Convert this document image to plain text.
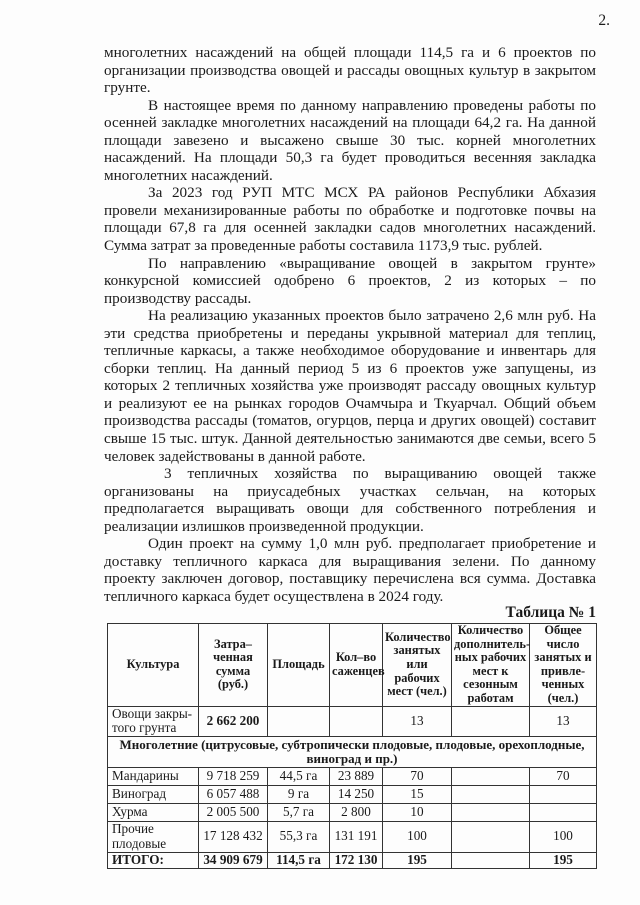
2.

многолетних насаждений на общей площади 114,5 га и 6 проектов по организации производства овощей и рассады овощных культур в закрытом грунте.

В настоящее время по данному направлению проведены работы по осенней закладке многолетних насаждений на площади 64,2 га. На данной площади завезено и высажено свыше 30 тыс. корней многолетних насаждений. На площади 50,3 га будет проводиться весенняя закладка многолетних насаждений.

За 2023 год РУП МТС МСХ РА районов Республики Абхазия провели механизированные работы по обработке и подготовке почвы на площади 67,8 га для осенней закладки садов многолетних насаждений. Сумма затрат за проведенные работы составила 1173,9 тыс. рублей.

По направлению «выращивание овощей в закрытом грунте» конкурсной комиссией одобрено 6 проектов, 2 из которых – по производству рассады.

На реализацию указанных проектов было затрачено 2,6 млн руб. На эти средства приобретены и переданы укрывной материал для теплиц, тепличные каркасы, а также необходимое оборудование и инвентарь для сборки теплиц. На данный период 5 из 6 проектов уже запущены, из которых 2 тепличных хозяйства уже производят рассаду овощных культур и реализуют ее на рынках городов Очамчыра и Ткуарчал. Общий объем производства рассады (томатов, огурцов, перца и других овощей) составит свыше 15 тыс. штук. Данной деятельностью занимаются две семьи, всего 5 человек задействованы в данной работе.

3 тепличных хозяйства по выращиванию овощей также организованы на приусадебных участках сельчан, на которых предполагается выращивать овощи для собственного потребления и реализации излишков произведенной продукции.

Один проект на сумму 1,0 млн руб. предполагает приобретение и доставку тепличного каркаса для выращивания зелени. По данному проекту заключен договор, поставщику перечислена вся сумма. Доставка тепличного каркаса будет осуществлена в 2024 году.

Таблица № 1
Культура	Затра– ченная сумма (руб.)	Площадь	Кол–во саженцев	Количество занятых или рабочих мест (чел.)	Количество дополнитель- ных рабочих мест к сезонным работам	Общее число занятых и привле- ченных (чел.)
Овощи закры- того грунта	2 662 200			13		13
Многолетние (цитрусовые, субтропически плодовые, плодовые, орехоплодные, виноград и пр.)						
Мандарины	9 718 259	44,5 га	23 889	70		70
Виноград	6 057 488	9 га	14 250	15		
Хурма	2 005 500	5,7 га	2 800	10		
Прочие плодовые	17 128 432	55,3 га	131 191	100		100
ИТОГО:	34 909 679	114,5 га	172 130	195		195
